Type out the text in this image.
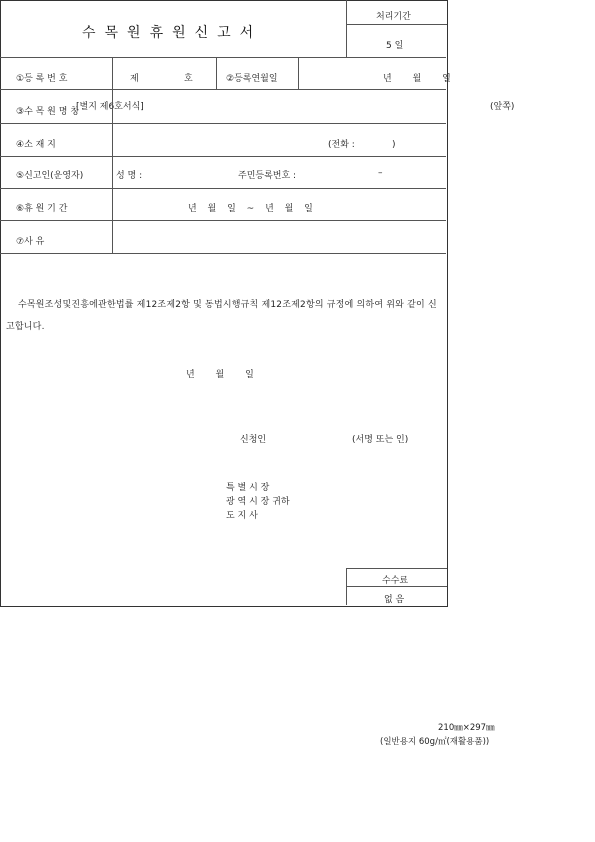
[별지 제6호서식]	(앞쪽)
수목원휴원신고서
처리기간
5 일
①등 록 번 호	제	호	②등록연월일	년 월 일
③수 목 원 명 칭
④소 재 지	(전화 :             )
⑤신고인(운영자)	성 명 :	주민등록번호 :	–
⑥휴 원 기 간	년 월 일 ~ 년 월 일
⑦사 유
수목원조성및진흥에관한법률 제12조제2항 및 동법시행규칙 제12조제2항의 규정에 의하여 위와 같이 신고합니다.
년 월 일
신청인	(서명 또는 인)
특 별 시 장
광 역 시 장 귀하
도 지 사
수수료
없 음
210㎜×297㎜
(일반용지 60g/㎡(재활용품))
